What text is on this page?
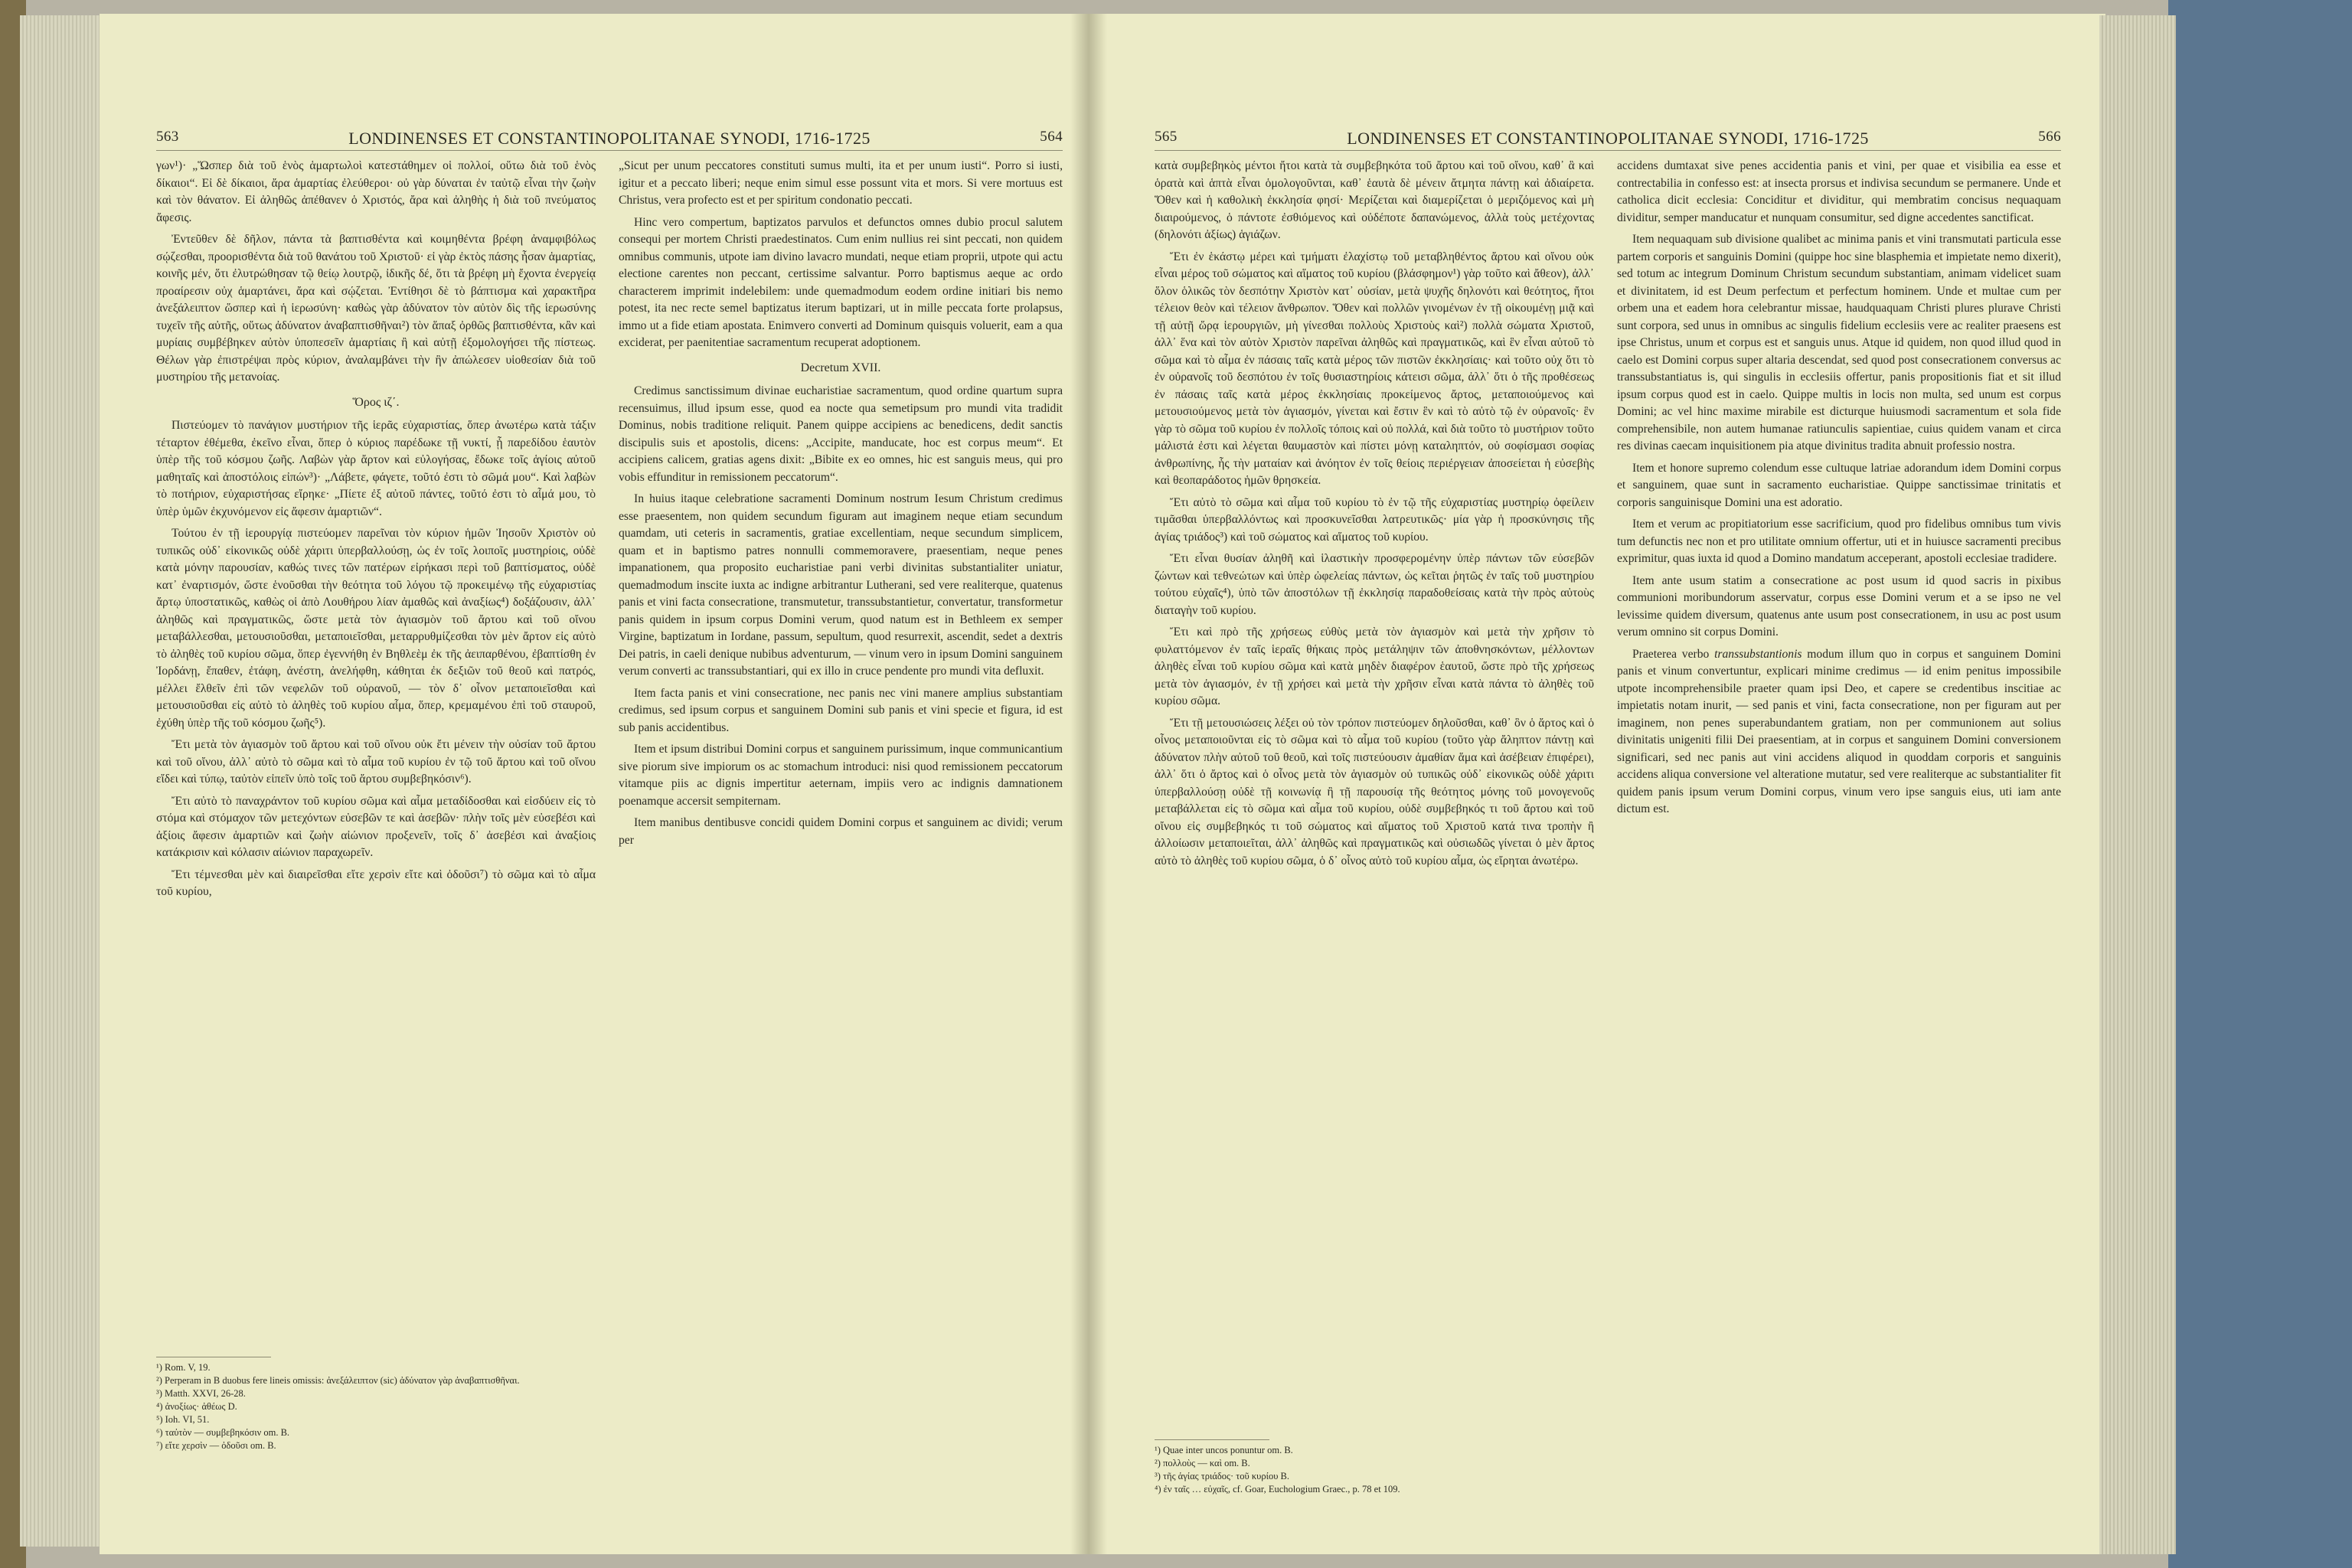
563	LONDINENSES ET CONSTANTINOPOLITANAE SYNODI, 1716-1725	564

γων¹)· „Ὥσπερ διὰ τοῦ ἑνὸς ἁμαρτωλοὶ κατεστάθημεν οἱ πολλοί, οὕτω διὰ τοῦ ἑνὸς δίκαιοι“. Εἰ δὲ δίκαιοι, ἄρα ἁμαρτίας ἐλεύθεροι· οὐ γὰρ δύναται ἐν ταὐτῷ εἶναι τὴν ζωὴν καὶ τὸν θάνατον. Εἰ ἀληθῶς ἀπέθανεν ὁ Χριστός, ἄρα καὶ ἀληθὴς ἡ διὰ τοῦ πνεύματος ἄφεσις.

Ἐντεῦθεν δὲ δῆλον, πάντα τὰ βαπτισθέντα καὶ κοιμηθέντα βρέφη ἀναμφιβόλως σῴζεσθαι, προορισθέντα διὰ τοῦ θανάτου τοῦ Χριστοῦ· εἰ γὰρ ἐκτὸς πάσης ἦσαν ἁμαρτίας, κοινῆς μέν, ὅτι ἐλυτρώθησαν τῷ θείῳ λουτρῷ, ἰδικῆς δέ, ὅτι τὰ βρέφη μὴ ἔχοντα ἐνεργείᾳ προαίρεσιν οὐχ ἁμαρτάνει, ἄρα καὶ σῴζεται. Ἐντίθησι δὲ τὸ βάπτισμα καὶ χαρακτῆρα ἀνεξάλειπτον ὥσπερ καὶ ἡ ἱερωσύνη· καθὼς γὰρ ἀδύνατον τὸν αὐτὸν δὶς τῆς ἱερωσύνης τυχεῖν τῆς αὐτῆς, οὕτως ἀδύνατον ἀναβαπτισθῆναι²) τὸν ἅπαξ ὀρθῶς βαπτισθέντα, κἂν καὶ μυρίαις συμβέβηκεν αὐτὸν ὑποπεσεῖν ἁμαρτίαις ἢ καὶ αὐτῇ ἐξομολογήσει τῆς πίστεως. Θέλων γὰρ ἐπιστρέψαι πρὸς κύριον, ἀναλαμβάνει τὴν ἣν ἀπώλεσεν υἱοθεσίαν διὰ τοῦ μυστηρίου τῆς μετανοίας.

Ὅρος ιζ΄.

Πιστεύομεν τὸ πανάγιον μυστήριον τῆς ἱερᾶς εὐχαριστίας, ὅπερ ἀνωτέρω κατὰ τάξιν τέταρτον ἐθέμεθα, ἐκεῖνο εἶναι, ὅπερ ὁ κύριος παρέδωκε τῇ νυκτί, ᾗ παρεδίδου ἑαυτὸν ὑπὲρ τῆς τοῦ κόσμου ζωῆς. Λαβὼν γὰρ ἄρτον καὶ εὐλογήσας, ἔδωκε τοῖς ἁγίοις αὐτοῦ μαθηταῖς καὶ ἀποστόλοις εἰπών³)· „Λάβετε, φάγετε, τοῦτό ἐστι τὸ σῶμά μου“. Καὶ λαβὼν τὸ ποτήριον, εὐχαριστήσας εἴρηκε· „Πίετε ἐξ αὐτοῦ πάντες, τοῦτό ἐστι τὸ αἷμά μου, τὸ ὑπὲρ ὑμῶν ἐκχυνόμενον εἰς ἄφεσιν ἁμαρτιῶν“.

Τούτου ἐν τῇ ἱερουργίᾳ πιστεύομεν παρεῖναι τὸν κύριον ἡμῶν Ἰησοῦν Χριστὸν οὐ τυπικῶς οὐδ᾿ εἰκονικῶς οὐδὲ χάριτι ὑπερβαλλούσῃ, ὡς ἐν τοῖς λοιποῖς μυστηρίοις, οὐδὲ κατὰ μόνην παρουσίαν, καθώς τινες τῶν πατέρων εἰρήκασι περὶ τοῦ βαπτίσματος, οὐδὲ κατ᾿ ἐναρτισμόν, ὥστε ἑνοῦσθαι τὴν θεότητα τοῦ λόγου τῷ προκειμένῳ τῆς εὐχαριστίας ἄρτῳ ὑποστατικῶς, καθὼς οἱ ἀπὸ Λουθήρου λίαν ἀμαθῶς καὶ ἀναξίως⁴) δοξάζουσιν, ἀλλ᾿ ἀληθῶς καὶ πραγματικῶς, ὥστε μετὰ τὸν ἁγιασμὸν τοῦ ἄρτου καὶ τοῦ οἴνου μεταβάλλεσθαι, μετουσιοῦσθαι, μεταποιεῖσθαι, μεταρρυθμίζεσθαι τὸν μὲν ἄρτον εἰς αὐτὸ τὸ ἀληθὲς τοῦ κυρίου σῶμα, ὅπερ ἐγεννήθη ἐν Βηθλεὲμ ἐκ τῆς ἀειπαρθένου, ἐβαπτίσθη ἐν Ἰορδάνῃ, ἔπαθεν, ἐτάφη, ἀνέστη, ἀνελήφθη, κάθηται ἐκ δεξιῶν τοῦ θεοῦ καὶ πατρός, μέλλει ἔλθεῖν ἐπὶ τῶν νεφελῶν τοῦ οὐρανοῦ, — τὸν δ᾿ οἶνον μεταποιεῖσθαι καὶ μετουσιοῦσθαι εἰς αὐτὸ τὸ ἀληθὲς τοῦ κυρίου αἷμα, ὅπερ, κρεμαμένου ἐπὶ τοῦ σταυροῦ, ἐχύθη ὑπὲρ τῆς τοῦ κόσμου ζωῆς⁵).

Ἔτι μετὰ τὸν ἁγιασμὸν τοῦ ἄρτου καὶ τοῦ οἴνου οὐκ ἔτι μένειν τὴν οὐσίαν τοῦ ἄρτου καὶ τοῦ οἴνου, ἀλλ᾿ αὐτὸ τὸ σῶμα καὶ τὸ αἷμα τοῦ κυρίου ἐν τῷ τοῦ ἄρτου καὶ τοῦ οἴνου εἴδει καὶ τύπῳ, ταὐτὸν εἰπεῖν ὑπὸ τοῖς τοῦ ἄρτου συμβεβηκόσιν⁶).

Ἔτι αὐτὸ τὸ παναχράντον τοῦ κυρίου σῶμα καὶ αἷμα μεταδίδοσθαι καὶ εἰσδύειν εἰς τὸ στόμα καὶ στόμαχον τῶν μετεχόντων εὐσεβῶν τε καὶ ἀσεβῶν· πλὴν τοῖς μὲν εὐσεβέσι καὶ ἀξίοις ἄφεσιν ἁμαρτιῶν καὶ ζωὴν αἰώνιον προξενεῖν, τοῖς δ᾿ ἀσεβέσι καὶ ἀναξίοις κατάκρισιν καὶ κόλασιν αἰώνιον παραχωρεῖν.

Ἔτι τέμνεσθαι μὲν καὶ διαιρεῖσθαι εἴτε χερσὶν εἴτε καὶ ὀδοῦσι⁷) τὸ σῶμα καὶ τὸ αἷμα τοῦ κυρίου,

„Sicut per unum peccatores constituti sumus multi, ita et per unum iusti“. Porro si iusti, igitur et a peccato liberi; neque enim simul esse possunt vita et mors. Si vere mortuus est Christus, vera profecto est et per spiritum condonatio peccati.

Hinc vero compertum, baptizatos parvulos et defunctos omnes dubio procul salutem consequi per mortem Christi praedestinatos. Cum enim nullius rei sint peccati, non quidem omnibus communis, utpote iam divino lavacro mundati, neque etiam proprii, utpote qui actu electione carentes non peccant, certissime salvantur. Porro baptismus aeque ac ordo characterem imprimit indelebilem: unde quemadmodum eodem ordine initiari bis nemo potest, ita nec recte semel baptizatus iterum baptizari, ut in mille peccata forte prolapsus, immo ut a fide etiam apostata. Enimvero converti ad Dominum quisquis voluerit, eam a qua exciderat, per paenitentiae sacramentum recuperat adoptionem.

Decretum XVII.

Credimus sanctissimum divinae eucharistiae sacramentum, quod ordine quartum supra recensuimus, illud ipsum esse, quod ea nocte qua semetipsum pro mundi vita tradidit Dominus, nobis traditione reliquit. Panem quippe accipiens ac benedicens, dedit sanctis discipulis suis et apostolis, dicens: „Accipite, manducate, hoc est corpus meum“. Et accipiens calicem, gratias agens dixit: „Bibite ex eo omnes, hic est sanguis meus, qui pro vobis effunditur in remissionem peccatorum“.

In huius itaque celebratione sacramenti Dominum nostrum Iesum Christum credimus esse praesentem, non quidem secundum figuram aut imaginem neque etiam secundum quamdam, uti ceteris in sacramentis, gratiae excellentiam, neque secundum simplicem, quam et in baptismo patres nonnulli commemoraverе, praesentiam, neque penes impanationem, qua proposito eucharistiae pani verbi divinitas substantialiter uniatur, quemadmodum inscite iuxta ac indigne arbitrantur Lutherani, sed vere realiterque, quatenus panis et vini facta consecratione, transmutetur, transsubstantietur, convertatur, transformetur panis quidem in ipsum corpus Domini verum, quod natum est in Bethleem ex semper Virgine, baptizatum in Iordane, passum, sepultum, quod resurrexit, ascendit, sedet a dextris Dei patris, in caeli denique nubibus adventurum, — vinum vero in ipsum Domini sanguinem verum converti ac transsubstantiari, qui ex illo in cruce pendente pro mundi vita defluxit.

Item facta panis et vini consecratione, nec panis nec vini manere amplius substantiam credimus, sed ipsum corpus et sanguinem Domini sub panis et vini specie et figura, id est sub panis accidentibus.

Item et ipsum distribui Domini corpus et sanguinem purissimum, inque communicantium sive piorum sive impiorum os ac stomachum introduci: nisi quod remissionem peccatorum vitamque piis ac dignis impertitur aeternam, impiis vero ac indignis damnationem poenamque accersit sempiternam.

Item manibus dentibusve concidi quidem Domini corpus et sanguinem ac dividi; verum per

¹) Rom. V, 19.
²) Perperam in B duobus fere lineis omissis: ἀνεξάλειπτον (sic) ἀδύνατον γὰρ ἀναβαπτισθῆναι.
³) Matth. XXVI, 26-28.
⁴) ἀνοξίως· ἀθέως D.
⁵) Ioh. VI, 51.
⁶) ταὐτὸν — συμβεβηκόσιν om. B.
⁷) εἴτε χερσὶν — ὀδοῦσι om. B.
565	LONDINENSES ET CONSTANTINOPOLITANAE SYNODI, 1716-1725	566

κατὰ συμβεβηκὸς μέντοι ἤτοι κατὰ τὰ συμβεβηκότα τοῦ ἄρτου καὶ τοῦ οἴνου, καθ᾿ ἃ καὶ ὁρατὰ καὶ ἁπτὰ εἶναι ὁμολογοῦνται, καθ᾿ ἑαυτὰ δὲ μένειν ἄτμητα πάντῃ καὶ ἀδιαίρετα. Ὅθεν καὶ ἡ καθολικὴ ἐκκλησία φησί· Μερίζεται καὶ διαμερίζεται ὁ μεριζόμενος καὶ μὴ διαιρούμενος, ὁ πάντοτε ἐσθιόμενος καὶ οὐδέποτε δαπανώμενος, ἀλλὰ τοὺς μετέχοντας (δηλονότι ἀξίως) ἁγιάζων.

Ἔτι ἐν ἑκάστῳ μέρει καὶ τμήματι ἐλαχίστῳ τοῦ μεταβληθέντος ἄρτου καὶ οἴνου οὐκ εἶναι μέρος τοῦ σώματος καὶ αἵματος τοῦ κυρίου (βλάσφημον¹) γὰρ τοῦτο καὶ ἄθεον), ἀλλ᾿ ὅλον ὁλικῶς τὸν δεσπότην Χριστὸν κατ᾿ οὐσίαν, μετὰ ψυχῆς δηλονότι καὶ θεότητος, ἤτοι τέλειον θεὸν καὶ τέλειον ἄνθρωπον. Ὅθεν καὶ πολλῶν γινομένων ἐν τῇ οἰκουμένῃ μιᾷ καὶ τῇ αὐτῇ ὥρᾳ ἱερουργιῶν, μὴ γίνεσθαι πολλοὺς Χριστοὺς καὶ²) πολλὰ σώματα Χριστοῦ, ἀλλ᾿ ἕνα καὶ τὸν αὐτὸν Χριστὸν παρεῖναι ἀληθῶς καὶ πραγματικῶς, καὶ ἓν εἶναι αὐτοῦ τὸ σῶμα καὶ τὸ αἷμα ἐν πάσαις ταῖς κατὰ μέρος τῶν πιστῶν ἐκκλησίαις· καὶ τοῦτο οὐχ ὅτι τὸ ἐν οὐρανοῖς τοῦ δεσπότου ἐν τοῖς θυσιαστηρίοις κάτεισι σῶμα, ἀλλ᾿ ὅτι ὁ τῆς προθέσεως ἐν πάσαις ταῖς κατὰ μέρος ἐκκλησίαις προκείμενος ἄρτος, μεταποιούμενος καὶ μετουσιούμενος μετὰ τὸν ἁγιασμόν, γίνεται καὶ ἔστιν ἓν καὶ τὸ αὐτὸ τῷ ἐν οὐρανοῖς· ἓν γὰρ τὸ σῶμα τοῦ κυρίου ἐν πολλοῖς τόποις καὶ οὐ πολλά, καὶ διὰ τοῦτο τὸ μυστήριον τοῦτο μάλιστά ἐστι καὶ λέγεται θαυμαστὸν καὶ πίστει μόνῃ καταληπτόν, οὐ σοφίσμασι σοφίας ἀνθρωπίνης, ἧς τὴν ματαίαν καὶ ἀνόητον ἐν τοῖς θείοις περιέργειαν ἀποσείεται ἡ εὐσεβὴς καὶ θεοπαράδοτος ἡμῶν θρησκεία.

Ἔτι αὐτὸ τὸ σῶμα καὶ αἷμα τοῦ κυρίου τὸ ἐν τῷ τῆς εὐχαριστίας μυστηρίῳ ὀφείλειν τιμᾶσθαι ὑπερβαλλόντως καὶ προσκυνεῖσθαι λατρευτικῶς· μία γὰρ ἡ προσκύνησις τῆς ἁγίας τριάδος³) καὶ τοῦ σώματος καὶ αἵματος τοῦ κυρίου.

Ἔτι εἶναι θυσίαν ἀληθῆ καὶ ἱλαστικὴν προσφερομένην ὑπὲρ πάντων τῶν εὐσεβῶν ζώντων καὶ τεθνεώτων καὶ ὑπὲρ ὠφελείας πάντων, ὡς κεῖται ῥητῶς ἐν ταῖς τοῦ μυστηρίου τούτου εὐχαῖς⁴), ὑπὸ τῶν ἀποστόλων τῇ ἐκκλησίᾳ παραδοθείσαις κατὰ τὴν πρὸς αὐτοὺς διαταγὴν τοῦ κυρίου.

Ἔτι καὶ πρὸ τῆς χρήσεως εὐθὺς μετὰ τὸν ἁγιασμὸν καὶ μετὰ τὴν χρῆσιν τὸ φυλαττόμενον ἐν ταῖς ἱεραῖς θήκαις πρὸς μετάληψιν τῶν ἀποθνησκόντων, μέλλοντων ἀληθὲς εἶναι τοῦ κυρίου σῶμα καὶ κατὰ μηδὲν διαφέρον ἑαυτοῦ, ὥστε πρὸ τῆς χρήσεως μετὰ τὸν ἁγιασμόν, ἐν τῇ χρήσει καὶ μετὰ τὴν χρῆσιν εἶναι κατὰ πάντα τὸ ἀληθὲς τοῦ κυρίου σῶμα.

Ἔτι τῇ μετουσιώσεις λέξει οὐ τὸν τρόπον πιστεύομεν δηλοῦσθαι, καθ᾿ ὃν ὁ ἄρτος καὶ ὁ οἶνος μεταποιοῦνται εἰς τὸ σῶμα καὶ τὸ αἷμα τοῦ κυρίου (τοῦτο γὰρ ἄληπτον πάντῃ καὶ ἀδύνατον πλὴν αὐτοῦ τοῦ θεοῦ, καὶ τοῖς πιστεύουσιν ἀμαθίαν ἅμα καὶ ἀσέβειαν ἐπιφέρει), ἀλλ᾿ ὅτι ὁ ἄρτος καὶ ὁ οἶνος μετὰ τὸν ἁγιασμὸν οὐ τυπικῶς οὐδ᾿ εἰκονικῶς οὐδὲ χάριτι ὑπερβαλλούσῃ οὐδὲ τῇ κοινωνίᾳ ἢ τῇ παρουσίᾳ τῆς θεότητος μόνης τοῦ μονογενοῦς μεταβάλλεται εἰς τὸ σῶμα καὶ αἷμα τοῦ κυρίου, οὐδὲ συμβεβηκός τι τοῦ ἄρτου καὶ τοῦ οἴνου εἰς συμβεβηκός τι τοῦ σώματος καὶ αἵματος τοῦ Χριστοῦ κατά τινα τροπὴν ἢ ἀλλοίωσιν μεταποιεῖται, ἀλλ᾿ ἀληθῶς καὶ πραγματικῶς καὶ οὐσιωδῶς γίνεται ὁ μὲν ἄρτος αὐτὸ τὸ ἀληθὲς τοῦ κυρίου σῶμα, ὁ δ᾿ οἶνος αὐτὸ τοῦ κυρίου αἷμα, ὡς εἴρηται ἀνωτέρω.

accidens dumtaxat sive penes accidentia panis et vini, per quae et visibilia ea esse et contrectabilia in confesso est: at insecta prorsus et indivisa secundum se permanere. Unde et catholica dicit ecclesia: Conciditur et dividitur, qui membratim concisus nequaquam dividitur, semper manducatur et nunquam consumitur, sed digne accedentes sanctificat.

Item nequaquam sub divisione qualibet ac minima panis et vini transmutati particula esse partem corporis et sanguinis Domini (quippe hoc sine blasphemia et impietate nemo dixerit), sed totum ac integrum Dominum Christum secundum substantiam, animam videlicet suam et divinitatem, id est Deum perfectum et perfectum hominem. Unde et multae cum per orbem una et eadem hora celebrantur missae, haudquaquam Christi plures plurave Christi sunt corpora, sed unus in omnibus ac singulis fidelium ecclesiis vere ac realiter praesens est ipse Christus, unum et corpus est et sanguis unus. Atque id quidem, non quod illud quod in caelo est Domini corpus super altaria descendat, sed quod post consecrationem conversus ac transsubstantiatus is, qui singulis in ecclesiis offertur, panis propositionis fiat et sit illud ipsum corpus quod est in caelo. Quippe multis in locis non multa, sed unum est corpus Domini; ac vel hinc maxime mirabile est dicturque huiusmodi sacramentum et sola fide comprehensibile, non autem humanae ratiunculis sapientiae, cuius quidem vanam et circa res divinas caecam inquisitionem pia atque divinitus tradita abnuit professio nostra.

Item et honore supremo colendum esse cultuque latriae adorandum idem Domini corpus et sanguinem, quae sunt in sacramento eucharistiae. Quippe sanctissimae trinitatis et corporis sanguinisque Domini una est adoratio.

Item et verum ac propitiatorium esse sacrificium, quod pro fidelibus omnibus tum vivis tum defunctis nec non et pro utilitate omnium offertur, uti et in huiusce sacramenti precibus exprimitur, quas iuxta id quod a Domino mandatum acceperant, apostoli ecclesiae tradidere.

Item ante usum statim a consecratione ac post usum id quod sacris in pixibus communioni moribundorum asservatur, corpus esse Domini verum et a se ipso ne vel levissime quidem diversum, quatenus ante usum post consecrationem, in usu ac post usum verum omnino sit corpus Domini.

Praeterea verbo transsubstantionis modum illum quo in corpus et sanguinem Domini panis et vinum convertuntur, explicari minime credimus — id enim penitus impossibile utpote incomprehensibile praeter quam ipsi Deo, et capere se credentibus inscitiae ac impietatis notam inurit, — sed panis et vini, facta consecratione, non per figuram aut per imaginem, non penes superabundantem gratiam, non per communionem aut solius divinitatis unigeniti filii Dei praesentiam, at in corpus et sanguinem Domini conversionem significari, sed nec panis aut vini accidens aliquod in quoddam corporis et sanguinis accidens aliqua conversione vel alteratione mutatur, sed vere realiterque ac substantialiter fit quidem panis ipsum verum Domini corpus, vinum vero ipse sanguis eius, uti iam ante dictum est.

¹) Quae inter uncos ponuntur om. B.
²) πολλοὺς — καὶ om. B.
³) τῆς ἁγίας τριάδος· τοῦ κυρίου B.
⁴) ἐν ταῖς … εὐχαῖς, cf. Goar, Euchologium Graec., p. 78 et 109.
